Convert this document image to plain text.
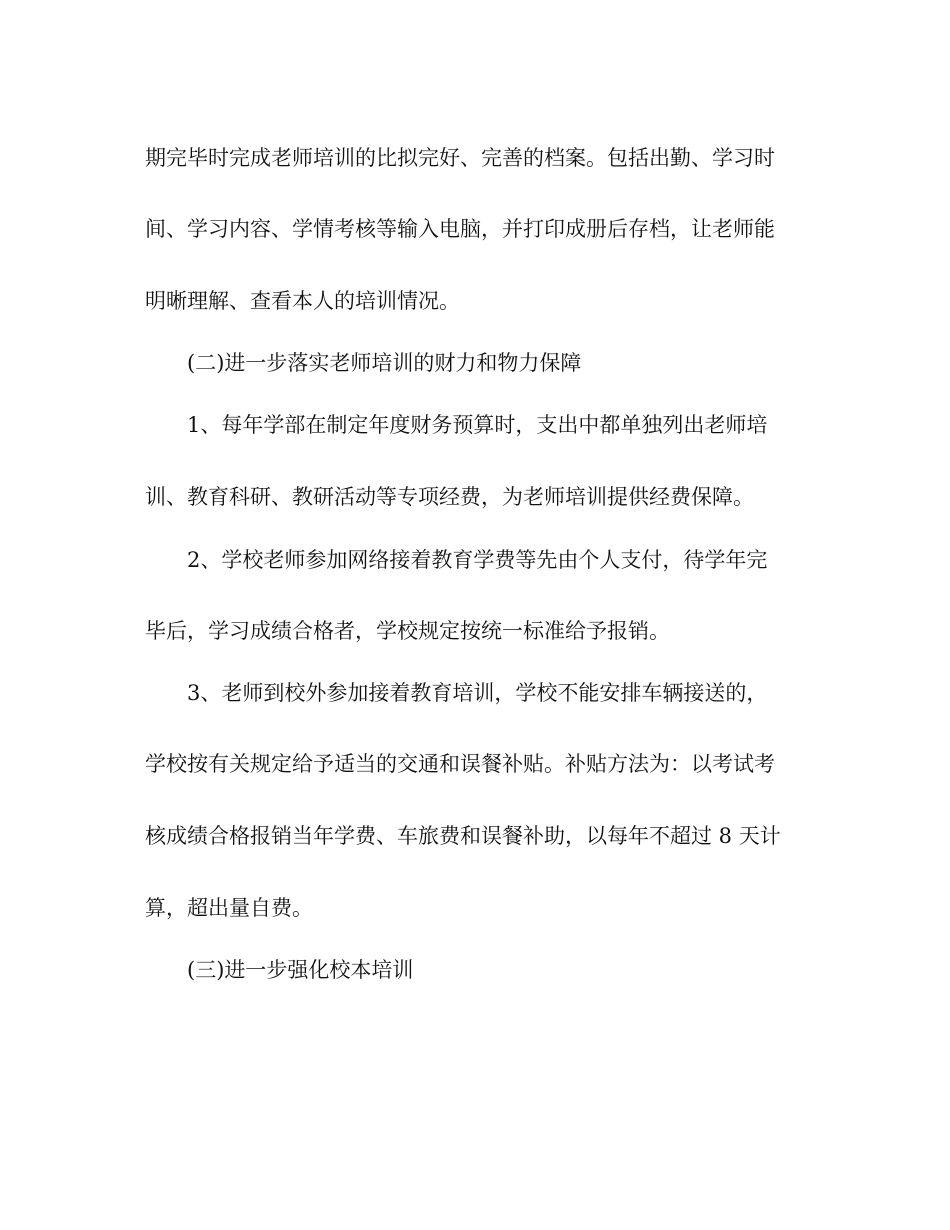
期完毕时完成老师培训的比拟完好、完善的档案。包括出勤、学习时
间、学习内容、学情考核等输入电脑，并打印成册后存档，让老师能
明晰理解、查看本人的培训情况。
(二)进一步落实老师培训的财力和物力保障
1、每年学部在制定年度财务预算时，支出中都单独列出老师培
训、教育科研、教研活动等专项经费，为老师培训提供经费保障。
2、学校老师参加网络接着教育学费等先由个人支付，待学年完
毕后，学习成绩合格者，学校规定按统一标准给予报销。
3、老师到校外参加接着教育培训，学校不能安排车辆接送的，
学校按有关规定给予适当的交通和误餐补贴。补贴方法为：以考试考
核成绩合格报销当年学费、车旅费和误餐补助，以每年不超过 8 天计
算，超出量自费。
(三)进一步强化校本培训
